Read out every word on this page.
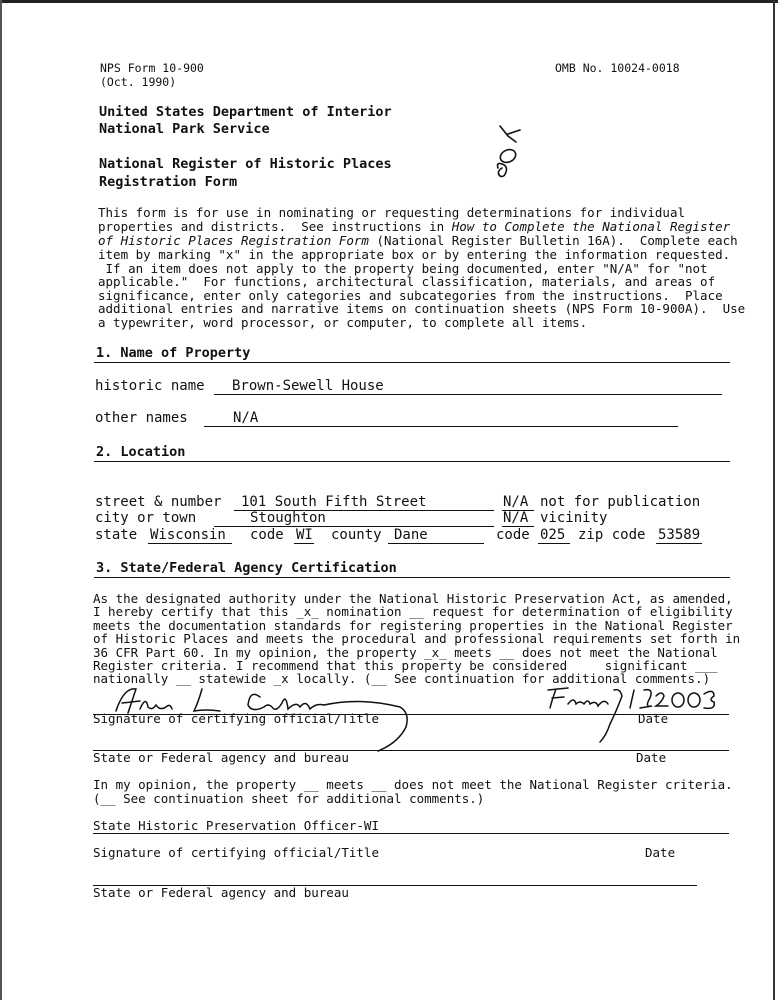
NPS Form 10-900
(Oct. 1990)
OMB No. 10024-0018
United States Department of Interior
National Park Service
National Register of Historic Places
Registration Form
This form is for use in nominating or requesting determinations for individual
properties and districts.  See instructions in How to Complete the National Register
of Historic Places Registration Form (National Register Bulletin 16A).  Complete each
item by marking "x" in the appropriate box or by entering the information requested.
If an item does not apply to the property being documented, enter "N/A" for "not
applicable."  For functions, architectural classification, materials, and areas of
significance, enter only categories and subcategories from the instructions.  Place
additional entries and narrative items on continuation sheets (NPS Form 10-900A).  Use
a typewriter, word processor, or computer, to complete all items.
1. Name of Property
historic name Brown-Sewell House
other names	N/A
2. Location
street & number 101 South Fifth Street	N/A not for publication
city or town	Stoughton	N/A vicinity
state Wisconsin code WI county Dane	code 025 zip code 53589
3. State/Federal Agency Certification
As the designated authority under the National Historic Preservation Act, as amended,
I hereby certify that this _x_ nomination __ request for determination of eligibility
meets the documentation standards for registering properties in the National Register
of Historic Places and meets the procedural and professional requirements set forth in
36 CFR Part 60. In my opinion, the property _x_ meets __ does not meet the National
Register criteria. I recommend that this property be considered     significant ___
nationally __ statewide _x locally. (__ See continuation for additional comments.)
Signature of certifying official/Title	Date
State or Federal agency and bureau	Date
In my opinion, the property __ meets __ does not meet the National Register criteria.
(__ See continuation sheet for additional comments.)
State Historic Preservation Officer-WI
Signature of certifying official/Title	Date
State or Federal agency and bureau
